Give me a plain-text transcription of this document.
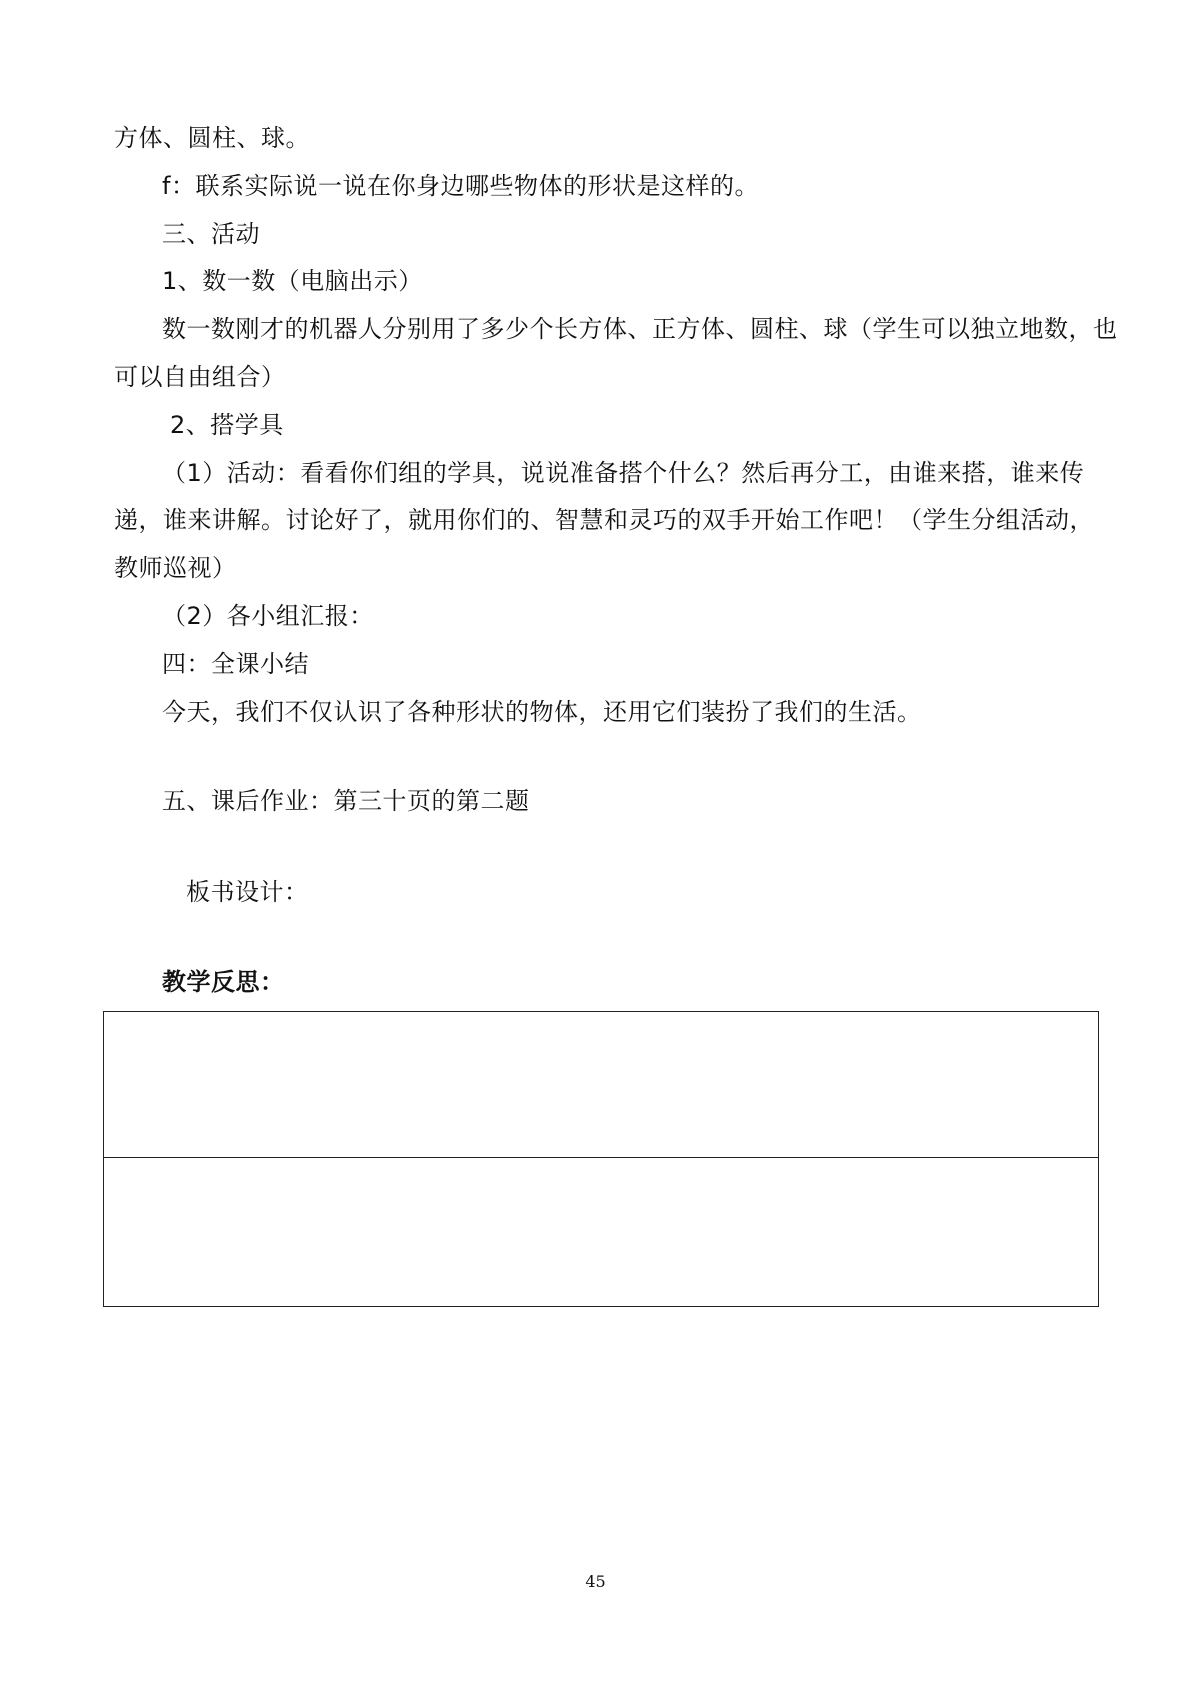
方体、圆柱、球。
f：联系实际说一说在你身边哪些物体的形状是这样的。
三、活动
1、数一数（电脑出示）
数一数刚才的机器人分别用了多少个长方体、正方体、圆柱、球（学生可以独立地数，也
可以自由组合）
2、搭学具
（1）活动：看看你们组的学具，说说准备搭个什么？然后再分工，由谁来搭，谁来传
递，谁来讲解。讨论好了，就用你们的、智慧和灵巧的双手开始工作吧！（学生分组活动，
教师巡视）
（2）各小组汇报：
四：全课小结
今天，我们不仅认识了各种形状的物体，还用它们装扮了我们的生活。
五、课后作业：第三十页的第二题
板书设计：
教学反思：
45
